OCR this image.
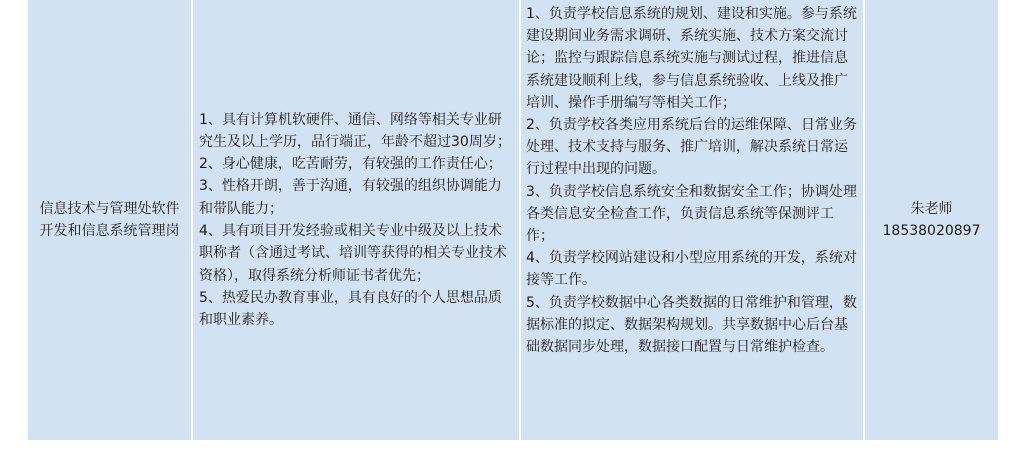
信息技术与管理处软件开发和信息系统管理岗
1、具有计算机软硬件、通信、网络等相关专业研究生及以上学历，品行端正，年龄不超过30周岁；
2、身心健康，吃苦耐劳，有较强的工作责任心；
3、性格开朗，善于沟通，有较强的组织协调能力和带队能力；
4、具有项目开发经验或相关专业中级及以上技术职称者（含通过考试、培训等获得的相关专业技术资格），取得系统分析师证书者优先；
5、热爱民办教育事业，具有良好的个人思想品质和职业素养。
1、负责学校信息系统的规划、建设和实施。参与系统建设期间业务需求调研、系统实施、技术方案交流讨论；监控与跟踪信息系统实施与测试过程，推进信息系统建设顺利上线，参与信息系统验收、上线及推广培训、操作手册编写等相关工作；
2、负责学校各类应用系统后台的运维保障、日常业务处理、技术支持与服务、推广培训，解决系统日常运行过程中出现的问题。
3、负责学校信息系统安全和数据安全工作；协调处理各类信息安全检查工作，负责信息系统等保测评工作；
4、负责学校网站建设和小型应用系统的开发，系统对接等工作。
5、负责学校数据中心各类数据的日常维护和管理，数据标准的拟定、数据架构规划。共享数据中心后台基础数据同步处理，数据接口配置与日常维护检查。
朱老师
18538020897
